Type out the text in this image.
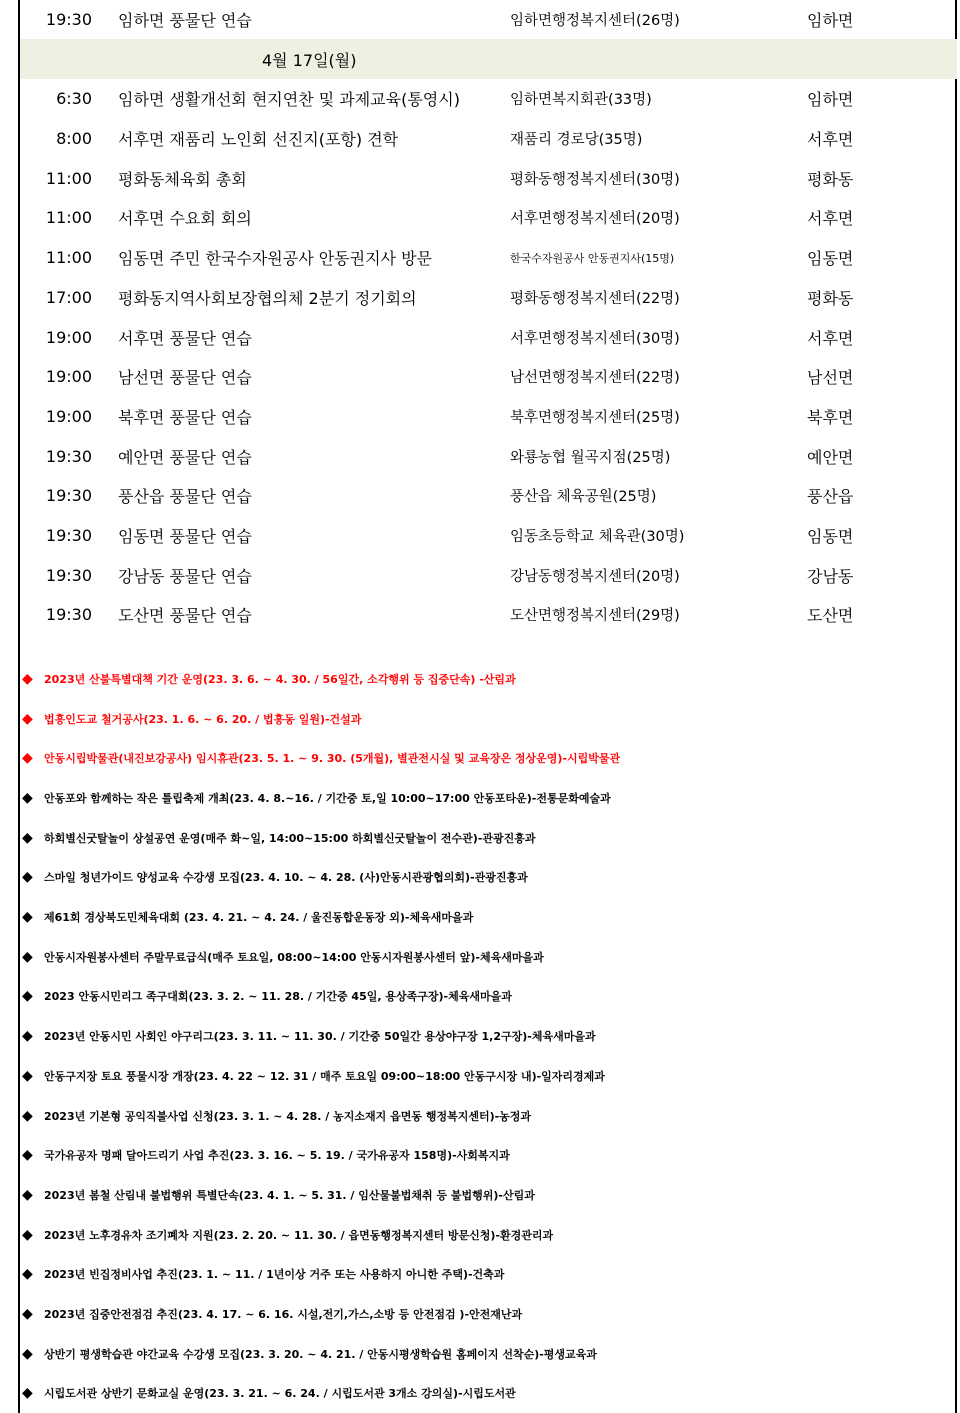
19:30	임하면 풍물단 연습	임하면행정복지센터(26명)	임하면
4월 17일(월)
6:30	임하면 생활개선회 현지연찬 및 과제교육(통영시)	임하면복지회관(33명)	임하면
8:00	서후면 재품리 노인회 선진지(포항) 견학	재품리 경로당(35명)	서후면
11:00	평화동체육회 총회	평화동행정복지센터(30명)	평화동
11:00	서후면 수요회 회의	서후면행정복지센터(20명)	서후면
11:00	임동면 주민 한국수자원공사 안동권지사 방문	한국수자원공사 안동권지사(15명)	임동면
17:00	평화동지역사회보장협의체 2분기 정기회의	평화동행정복지센터(22명)	평화동
19:00	서후면 풍물단 연습	서후면행정복지센터(30명)	서후면
19:00	남선면 풍물단 연습	남선면행정복지센터(22명)	남선면
19:00	북후면 풍물단 연습	북후면행정복지센터(25명)	북후면
19:30	예안면 풍물단 연습	와룡농협 월곡지점(25명)	예안면
19:30	풍산읍 풍물단 연습	풍산읍 체육공원(25명)	풍산읍
19:30	임동면 풍물단 연습	임동초등학교 체육관(30명)	임동면
19:30	강남동 풍물단 연습	강남동행정복지센터(20명)	강남동
19:30	도산면 풍물단 연습	도산면행정복지센터(29명)	도산면
◆	2023년 산불특별대책 기간 운영(23. 3. 6. ~ 4. 30. / 56일간, 소각행위 등 집중단속) -산림과
◆	법흥인도교 철거공사(23. 1. 6. ~ 6. 20. / 법흥동 일원)-건설과
◆	안동시립박물관(내진보강공사) 임시휴관(23. 5. 1. ~ 9. 30. (5개월), 별관전시실 및 교육장은 정상운영)-시립박물관
◆	안동포와 함께하는 작은 틀립축제 개최(23. 4. 8.~16. / 기간중 토,일 10:00~17:00 안동포타운)-전통문화예술과
◆	하회별신굿탈놀이 상설공연 운영(매주 화~일, 14:00~15:00 하회별신굿탈놀이 전수관)-관광진흥과
◆	스마일 청년가이드 양성교육 수강생 모집(23. 4. 10. ~ 4. 28. (사)안동시관광협의회)-관광진흥과
◆	제61회 경상북도민체육대회 (23. 4. 21. ~ 4. 24. / 울진동합운동장 외)-체육새마을과
◆	안동시자원봉사센터 주말무료급식(매주 토요일, 08:00~14:00 안동시자원봉사센터 앞)-체육새마을과
◆	2023 안동시민리그 족구대회(23. 3. 2. ~ 11. 28. / 기간중 45일, 용상족구장)-체육새마을과
◆	2023년 안동시민 사회인 야구리그(23. 3. 11. ~ 11. 30. / 기간중 50일간 용상야구장 1,2구장)-체육새마을과
◆	안동구지장 토요 풍물시장 개장(23. 4. 22 ~ 12. 31 / 매주 토요일 09:00~18:00 안동구시장 내)-일자리경제과
◆	2023년 기본형 공익직불사업 신청(23. 3. 1. ~ 4. 28. / 농지소재지 읍면동 행정복지센터)-농정과
◆	국가유공자 명패 달아드리기 사업 추진(23. 3. 16. ~ 5. 19. / 국가유공자 158명)-사회복지과
◆	2023년 봄철 산림내 불법행위 특별단속(23. 4. 1. ~ 5. 31. / 임산물불법채취 등 불법행위)-산림과
◆	2023년 노후경유차 조기폐차 지원(23. 2. 20. ~ 11. 30. / 읍면동행정복지센터 방문신청)-환경관리과
◆	2023년 빈집정비사업 추진(23. 1. ~ 11. / 1년이상 거주 또는 사용하지 아니한 주택)-건축과
◆	2023년 집중안전점검 추진(23. 4. 17. ~ 6. 16. 시설,전기,가스,소방 등 안전점검 )-안전재난과
◆	상반기 평생학습관 야간교육 수강생 모집(23. 3. 20. ~ 4. 21. / 안동시평생학습원 홈페이지 선착순)-평생교육과
◆	시립도서관 상반기 문화교실 운영(23. 3. 21. ~ 6. 24. / 시립도서관 3개소 강의실)-시립도서관
